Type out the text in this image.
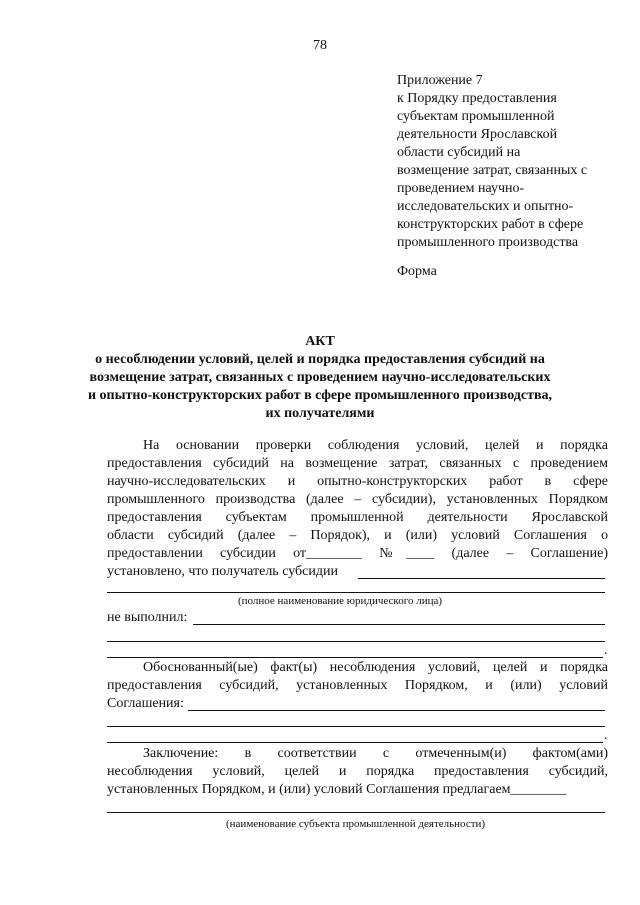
78
Приложение 7
к Порядку предоставления
субъектам промышленной
деятельности Ярославской
области субсидий на
возмещение затрат, связанных с
проведением научно-
исследовательских и опытно-
конструкторских работ в сфере
промышленного производства
Форма
АКТ
о несоблюдении условий, целей и порядка предоставления субсидий на
возмещение затрат, связанных с проведением научно-исследовательских
и опытно-конструкторских работ в сфере промышленного производства,
их получателями
На основании проверки соблюдения условий, целей и порядка
предоставления субсидий на возмещение затрат, связанных с проведением
научно-исследовательских и опытно-конструкторских работ в сфере
промышленного производства (далее – субсидии), установленных Порядком
предоставления субъектам промышленной деятельности Ярославской
области субсидий (далее – Порядок), и (или) условий Соглашения о
предоставлении субсидии от________ №____ (далее – Соглашение)
установлено, что получатель субсидии
(полное наименование юридического лица)
не выполнил:
.
Обоснованный(ые) факт(ы) несоблюдения условий, целей и порядка
предоставления субсидий, установленных Порядком, и (или) условий
Соглашения:
.
Заключение: в соответствии с отмеченным(и) фактом(ами)
несоблюдения условий, целей и порядка предоставления субсидий,
установленных Порядком, и (или) условий Соглашения предлагаем________
(наименование субъекта промышленной деятельности)
